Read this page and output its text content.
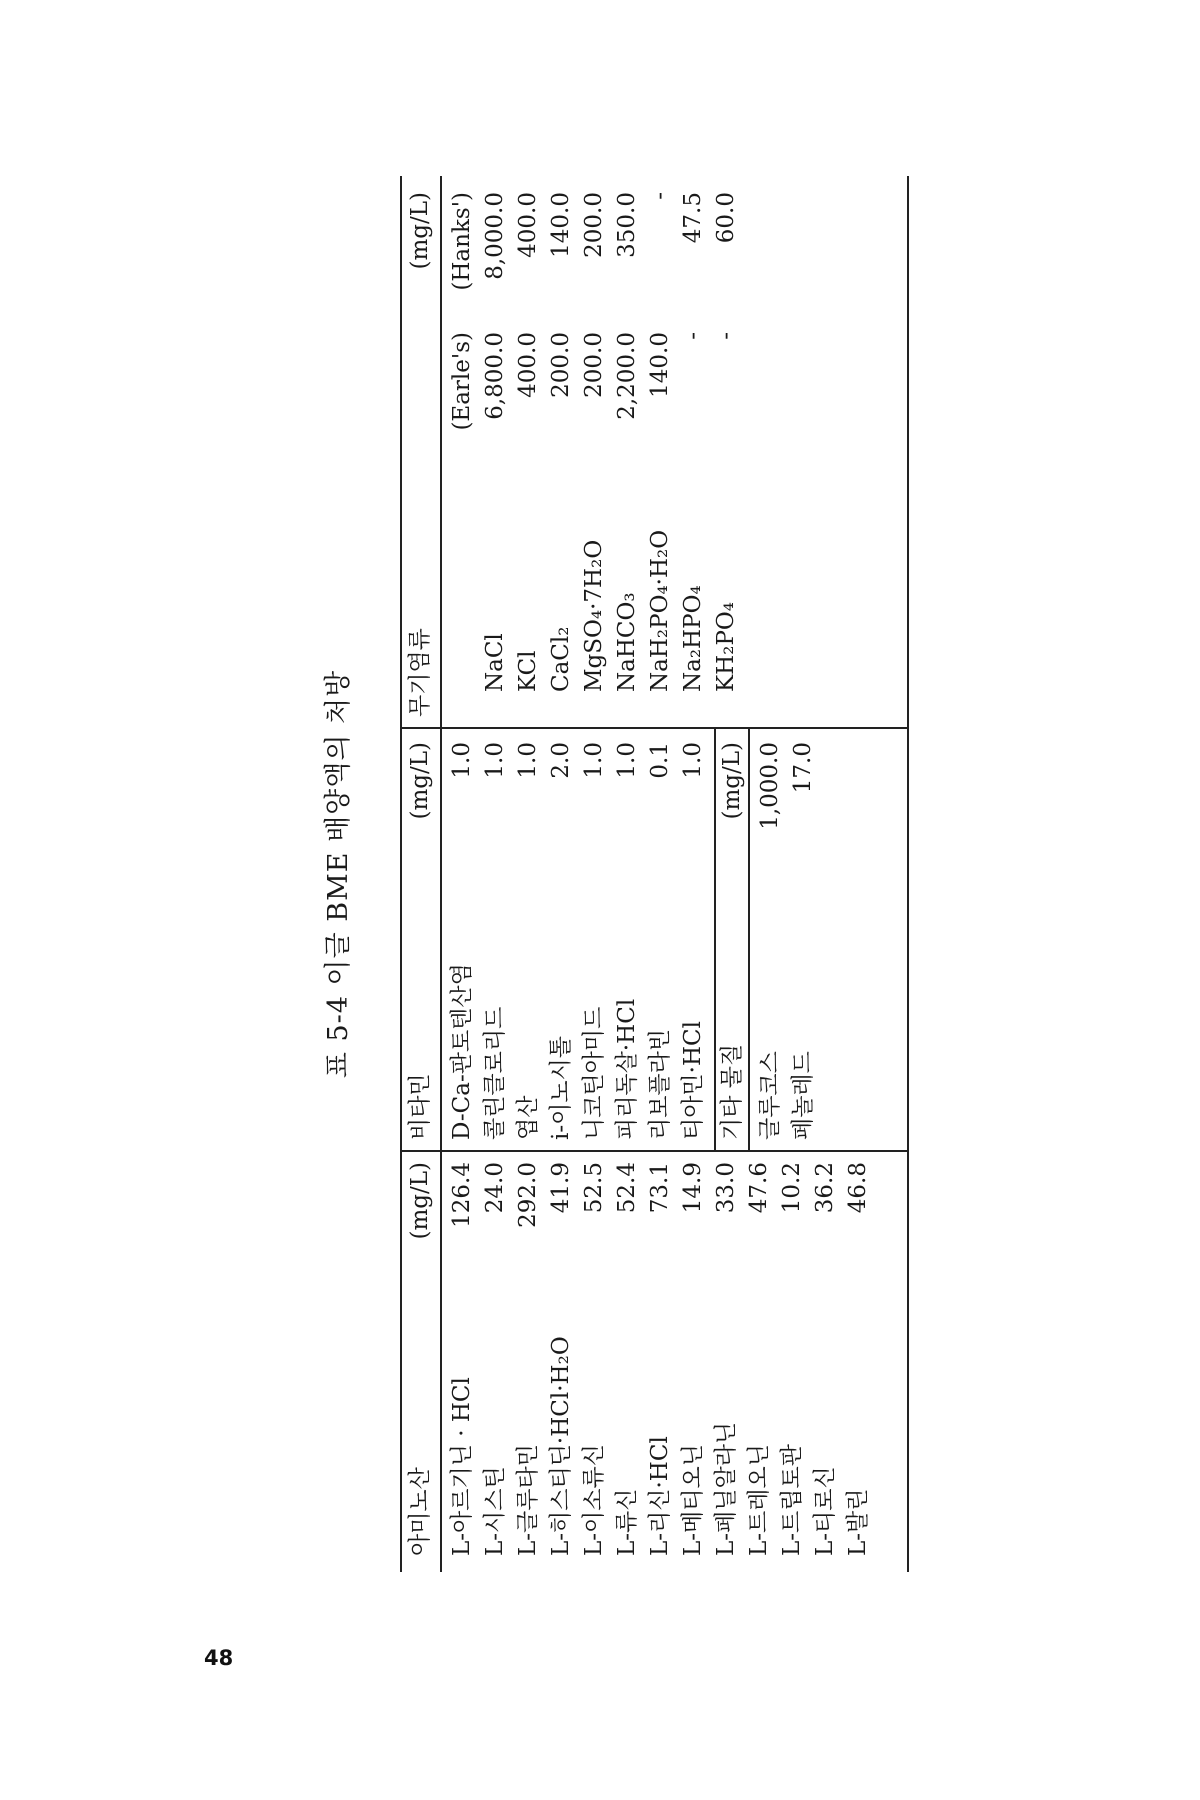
48
표 5-4 이글 BME 배양액의 처방
아미노산
(mg/L)
비타민
(mg/L)
무기염류
(mg/L)
L-아르기닌 · HCl
126.4
L-시스틴
24.0
L-글루타민
292.0
L-히스티딘·HCl·H₂O
41.9
L-이소류신
52.5
L-류신
52.4
L-리신·HCl
73.1
L-메티오닌
14.9
L-페닐알라닌
33.0
L-트레오닌
47.6
L-트립토판
10.2
L-티로신
36.2
L-발린
46.8
D-Ca-판토텐산염
1.0
콜린클로리드
1.0
엽산
1.0
i-이노시톨
2.0
니코틴아미드
1.0
피리독살·HCl
1.0
리보플라빈
0.1
티아민·HCl
1.0
기타 물질
(mg/L)
글루코스
1,000.0
페놀레드
17.0
(Earle's)
(Hanks')
NaCl
6,800.0
8,000.0
KCl
400.0
400.0
CaCl₂
200.0
140.0
MgSO₄·7H₂O
200.0
200.0
NaHCO₃
2,200.0
350.0
NaH₂PO₄·H₂O
140.0
-
Na₂HPO₄
-
47.5
KH₂PO₄
-
60.0
